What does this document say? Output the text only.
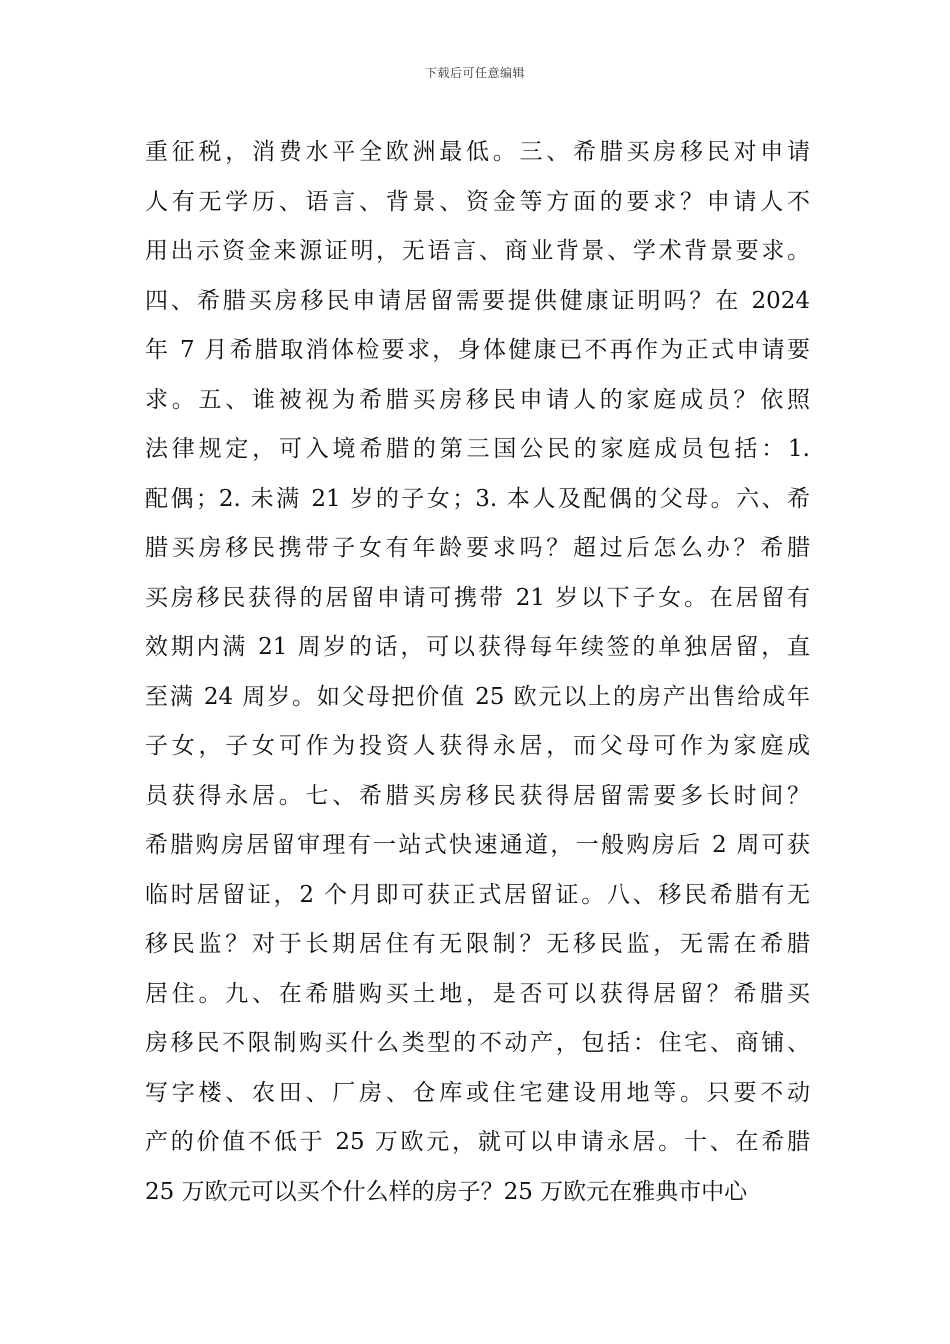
下载后可任意编辑
重征税，消费水平全欧洲最低。三、希腊买房移民对申请
人有无学历、语言、背景、资金等方面的要求？申请人不
用出示资金来源证明，无语言、商业背景、学术背景要求。
四、希腊买房移民申请居留需要提供健康证明吗？在 2024
年 7 月希腊取消体检要求，身体健康已不再作为正式申请要
求。五、谁被视为希腊买房移民申请人的家庭成员？依照
法律规定，可入境希腊的第三国公民的家庭成员包括：1.
配偶；2. 未满 21 岁的子女；3. 本人及配偶的父母。六、希
腊买房移民携带子女有年龄要求吗？超过后怎么办？希腊
买房移民获得的居留申请可携带 21 岁以下子女。在居留有
效期内满 21 周岁的话，可以获得每年续签的单独居留，直
至满 24 周岁。如父母把价值 25 欧元以上的房产出售给成年
子女，子女可作为投资人获得永居，而父母可作为家庭成
员获得永居。七、希腊买房移民获得居留需要多长时间？
希腊购房居留审理有一站式快速通道，一般购房后 2 周可获
临时居留证，2 个月即可获正式居留证。八、移民希腊有无
移民监？对于长期居住有无限制？无移民监，无需在希腊
居住。九、在希腊购买土地，是否可以获得居留？希腊买
房移民不限制购买什么类型的不动产，包括：住宅、商铺、
写字楼、农田、厂房、仓库或住宅建设用地等。只要不动
产的价值不低于 25 万欧元，就可以申请永居。十、在希腊
25 万欧元可以买个什么样的房子？25 万欧元在雅典市中心
